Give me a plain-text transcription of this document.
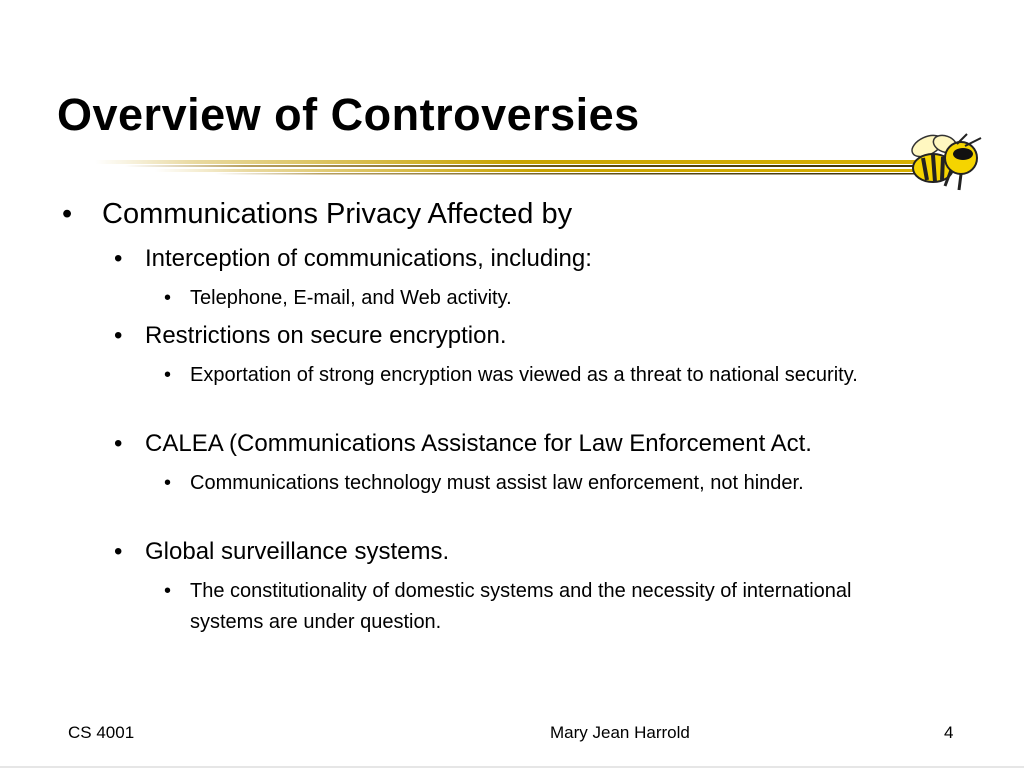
Overview of Controversies
• Communications Privacy Affected by
• Interception of communications, including:
• Telephone, E-mail, and Web activity.
• Restrictions on secure encryption.
• Exportation of strong encryption was viewed as a threat to national security.
• CALEA (Communications Assistance for Law Enforcement Act.
• Communications technology must assist law enforcement, not hinder.
• Global surveillance systems.
• The constitutionality of domestic systems and the necessity of international systems are under question.
CS 4001	Mary Jean Harrold	4
